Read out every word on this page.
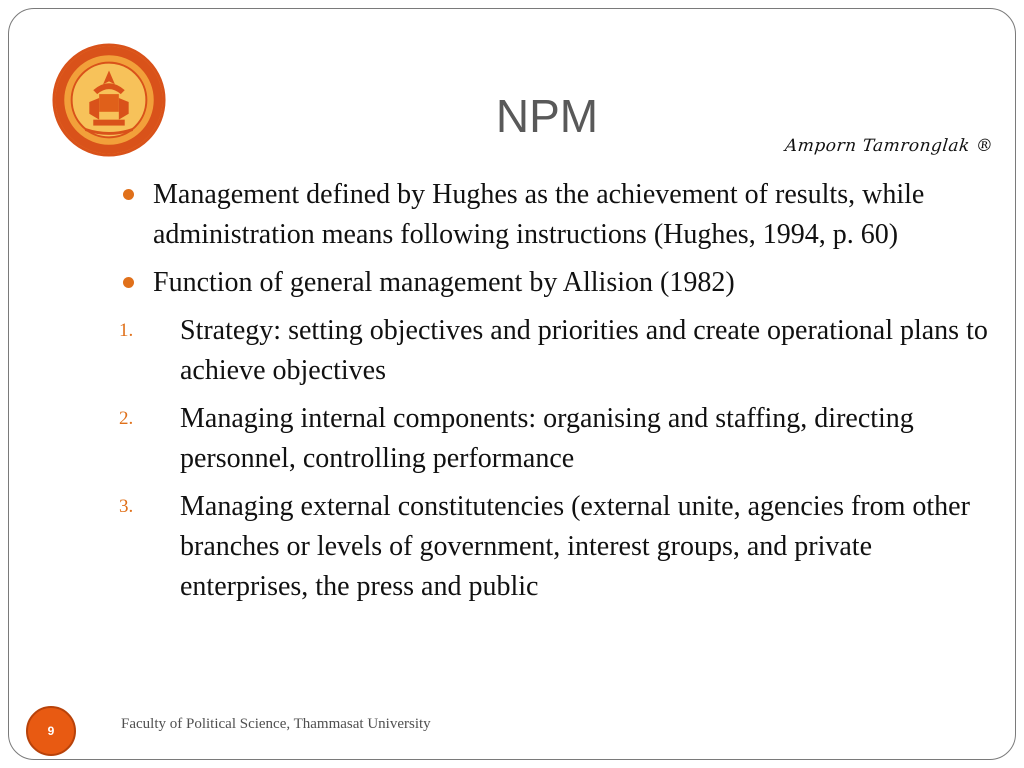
NPM
Amporn Tamronglak ®
Management defined by Hughes as the achievement of results, while administration means following instructions (Hughes, 1994, p. 60)
Function of general management by Allision (1982)
1. Strategy: setting objectives and priorities and create operational plans to achieve objectives
2. Managing internal components: organising and staffing, directing personnel, controlling performance
3. Managing external constitutencies (external unite, agencies from other branches or levels of government, interest groups, and private enterprises, the press and public
9	Faculty of Political Science, Thammasat University
